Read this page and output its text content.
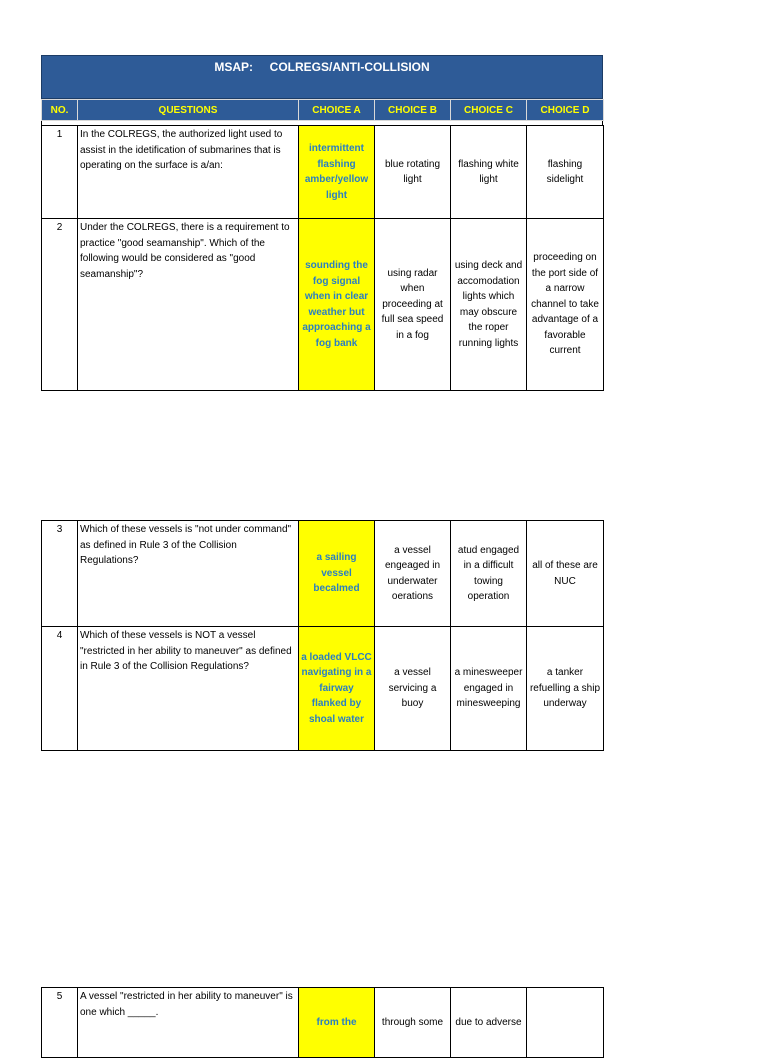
MSAP: COLREGS/ANTI-COLLISION
NO.	QUESTIONS	CHOICE A	CHOICE B	CHOICE C	CHOICE D
1	In the COLREGS, the authorized light used to assist in the idetification of submarines that is operating on the surface is a/an:	intermittent flashing amber/yellow light	blue rotating light	flashing white light	flashing sidelight
2	Under the COLREGS, there is a requirement to practice "good seamanship". Which of the following would be considered as "good seamanship"?	sounding the fog signal when in clear weather but approaching a fog bank	using radar when proceeding at full sea speed in a fog	using deck and accomodation lights which may obscure the roper running lights	proceeding on the port side of a narrow channel to take advantage of a favorable current
3	Which of these vessels is "not under command" as defined in Rule 3 of the Collision Regulations?	a sailing vessel becalmed	a vessel engeaged in underwater oerations	atud engaged in a difficult towing operation	all of these are NUC
4	Which of these vessels is NOT a vessel "restricted in her ability to maneuver" as defined in Rule 3 of the Collision Regulations?	a loaded VLCC navigating in a fairway flanked by shoal water	a vessel servicing a buoy	a minesweeper engaged in minesweeping	a tanker refuelling a ship underway
5	A vessel "restricted in her ability to maneuver" is one which _____.	from the	through some	due to adverse	
